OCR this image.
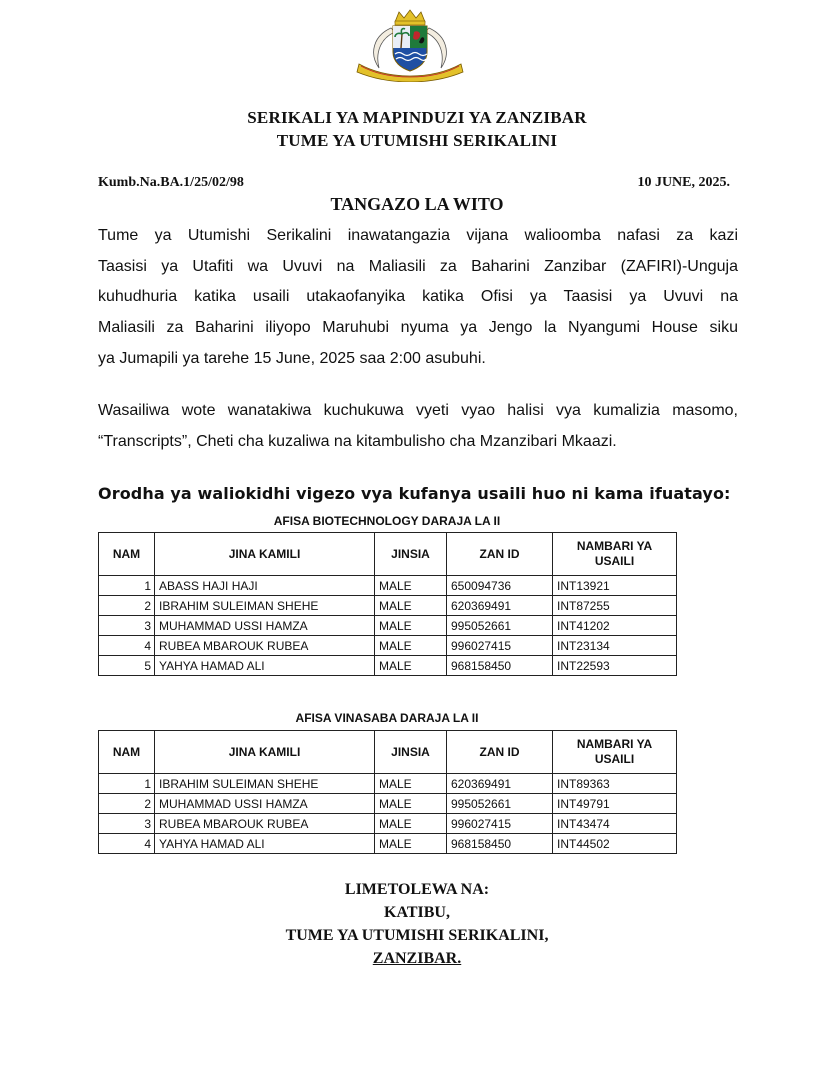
SERIKALI YA MAPINDUZI YA ZANZIBAR
TUME YA UTUMISHI SERIKALINI
Kumb.Na.BA.1/25/02/98	10 JUNE, 2025.
TANGAZO LA WITO
Tume ya Utumishi Serikalini inawatangazia vijana walioomba nafasi za kazi
Taasisi ya Utafiti wa Uvuvi na Maliasili za Baharini Zanzibar (ZAFIRI)-Unguja
kuhudhuria katika usaili utakaofanyika katika Ofisi ya Taasisi ya Uvuvi na
Maliasili za Baharini iliyopo Maruhubi nyuma ya Jengo la Nyangumi House siku
ya Jumapili ya tarehe 15 June, 2025 saa 2:00 asubuhi.
Wasailiwa wote wanatakiwa kuchukuwa vyeti vyao halisi vya kumalizia masomo,
“Transcripts”, Cheti cha kuzaliwa na kitambulisho cha Mzanzibari Mkaazi.
Orodha ya waliokidhi vigezo vya kufanya usaili huo ni kama ifuatayo:
AFISA BIOTECHNOLOGY DARAJA LA II
NAM	JINA KAMILI	JINSIA	ZAN ID	NAMBARI YA
USAILI
1	ABASS HAJI HAJI	MALE	650094736	INT13921
2	IBRAHIM SULEIMAN SHEHE	MALE	620369491	INT87255
3	MUHAMMAD USSI HAMZA	MALE	995052661	INT41202
4	RUBEA MBAROUK RUBEA	MALE	996027415	INT23134
5	YAHYA HAMAD ALI	MALE	968158450	INT22593
AFISA VINASABA DARAJA LA II
NAM	JINA KAMILI	JINSIA	ZAN ID	NAMBARI YA
USAILI
1	IBRAHIM SULEIMAN SHEHE	MALE	620369491	INT89363
2	MUHAMMAD USSI HAMZA	MALE	995052661	INT49791
3	RUBEA MBAROUK RUBEA	MALE	996027415	INT43474
4	YAHYA HAMAD ALI	MALE	968158450	INT44502
LIMETOLEWA NA:
KATIBU,
TUME YA UTUMISHI SERIKALINI,
ZANZIBAR.
